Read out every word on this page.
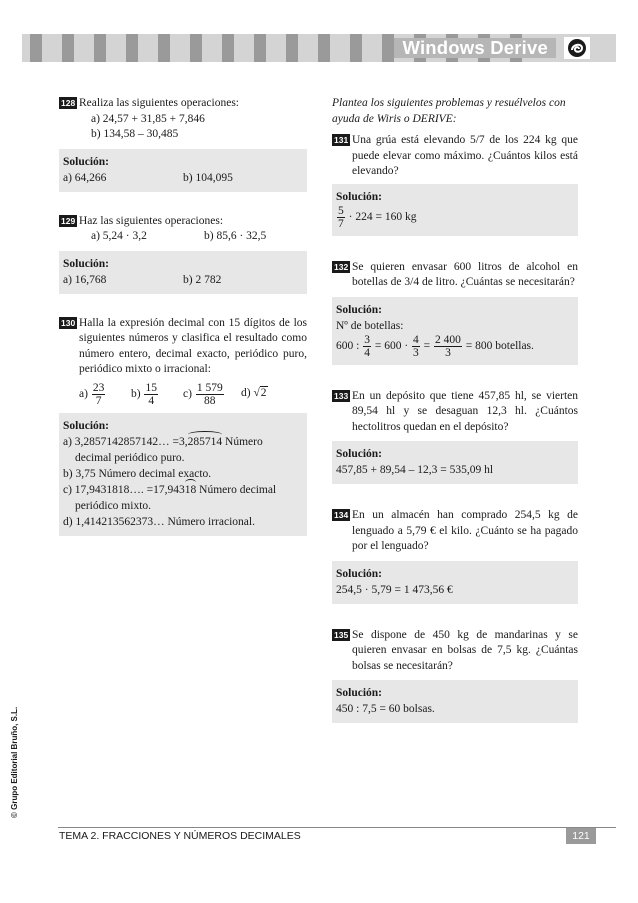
Windows Derive
128 Realiza las siguientes operaciones:
a) 24,57 + 31,85 + 7,846
b) 134,58 – 30,485
Solución:
a) 64,266	b) 104,095
129 Haz las siguientes operaciones:
a) 5,24 · 3,2	b) 85,6 · 32,5
Solución:
a) 16,768	b) 2 782
130 Halla la expresión decimal con 15 dígitos de los siguientes números y clasifica el resultado como número entero, decimal exacto, periódico puro, periódico mixto o irracional:
$a) \frac{23}{7} b) \frac{15}{4} c) \frac{1 579}{88} d$) √2
Solución:
a) 3,2857142857142… =3,285714 Número
decimal periódico puro.
b) 3,75 Número decimal exacto.
c) 17,9431818…. =17,94318 Número decimal
periódico mixto.
d) 1,414213562373… Número irracional.
Plantea los siguientes problemas y resuélvelos con ayuda de Wiris o DERIVE:
131 Una grúa está elevando 5/7 de los 224 kg que puede elevar como máximo. ¿Cuántos kilos está elevando?
Solución:
$\frac{5}{7} \cdot 224 = 160$ kg
132 Se quieren envasar 600 litros de alcohol en botellas de 3/4 de litro. ¿Cuántas se necesitarán?
Solución:
Nº de botellas:
600 : $\frac{3}{4} = 600 \cdot \frac{4}{3} = \frac{2 400}{3} = 800$ botellas.
133 En un depósito que tiene 457,85 hl, se vierten 89,54 hl y se desaguan 12,3 hl. ¿Cuántos hectolitros quedan en el depósito?
Solución:
457,85 + 89,54 – 12,3 = 535,09 hl
134 En un almacén han comprado 254,5 kg de lenguado a 5,79 € el kilo. ¿Cuánto se ha pagado por el lenguado?
Solución:
254,5 · 5,79 = 1 473,56 €
135 Se dispone de 450 kg de mandarinas y se quieren envasar en bolsas de 7,5 kg. ¿Cuántas bolsas se necesitarán?
Solución:
450 : 7,5 = 60 bolsas.
© Grupo Editorial Bruño, S.L.
TEMA 2. FRACCIONES Y NÚMEROS DECIMALES	121
